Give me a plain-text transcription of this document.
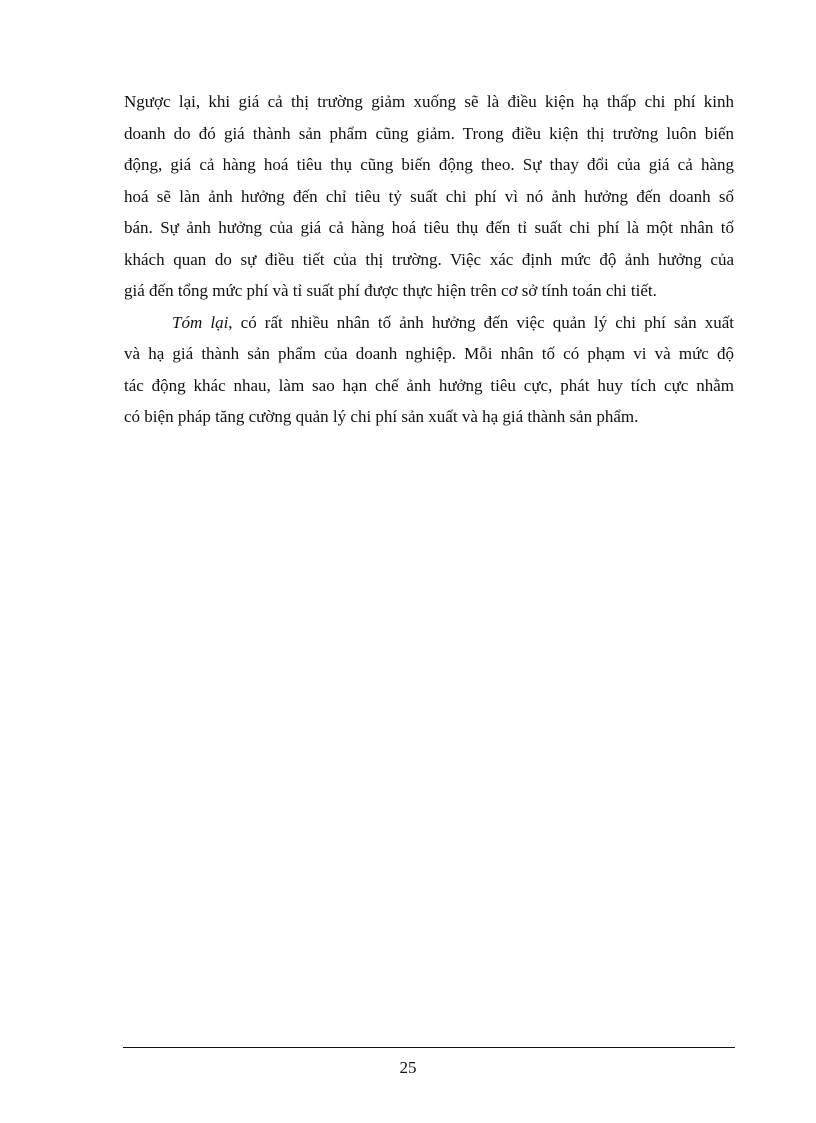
Ngược lại, khi giá cả thị trường giảm xuống sẽ là điều kiện hạ thấp chi phí kinh
doanh do đó giá thành sản phẩm cũng giảm. Trong điều kiện thị trường luôn biến
động, giá cả hàng hoá tiêu thụ cũng biến động theo. Sự thay đổi của giá cả hàng
hoá sẽ làn ảnh hưởng đến chỉ tiêu tỷ suất chi phí vì nó ảnh hưởng đến doanh số
bán. Sự ảnh hưởng của giá cả hàng hoá tiêu thụ đến tỉ suất chi phí là một nhân tố
khách quan do sự điều tiết của thị trường. Việc xác định mức độ ảnh hưởng của
giá đến tổng mức phí và tỉ suất phí được thực hiện trên cơ sở tính toán chi tiết.

Tóm lại, có rất nhiều nhân tố ảnh hưởng đến việc quản lý chi phí sản xuất
và hạ giá thành sản phẩm của doanh nghiệp. Mỗi nhân tố có phạm vi và mức độ
tác động khác nhau, làm sao hạn chế ảnh hưởng tiêu cực, phát huy tích cực nhằm
có biện pháp tăng cường quản lý chi phí sản xuất và hạ giá thành sản phẩm.

25
